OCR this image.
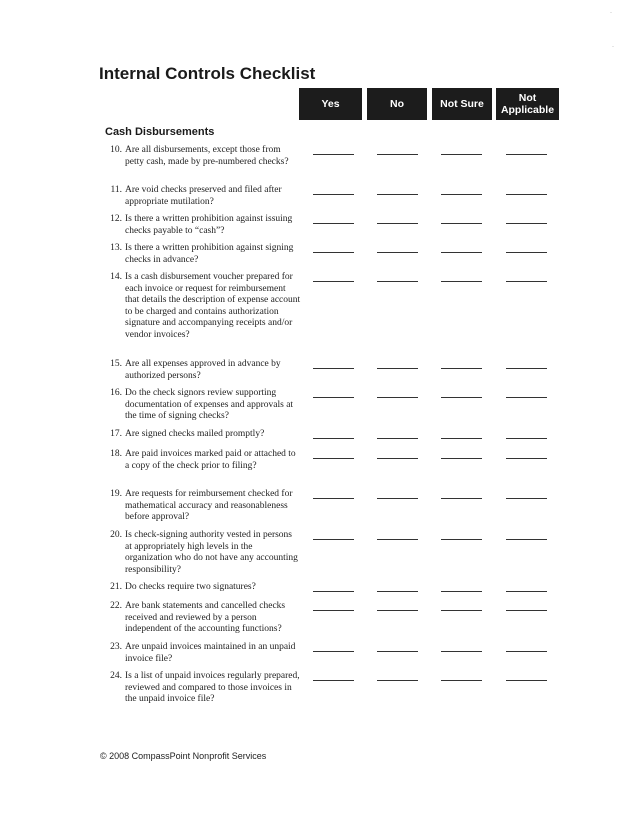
Internal Controls Checklist
Yes	No	Not Sure	Not Applicable
Cash Disbursements
10. Are all disbursements, except those from petty cash, made by pre-numbered checks?
11. Are void checks preserved and filed after appropriate mutilation?
12. Is there a written prohibition against issuing checks payable to “cash”?
13. Is there a written prohibition against signing checks in advance?
14. Is a cash disbursement voucher prepared for each invoice or request for reimbursement that details the description of expense account to be charged and contains authorization signature and accompanying receipts and/or vendor invoices?
15. Are all expenses approved in advance by authorized persons?
16. Do the check signors review supporting documentation of expenses and approvals at the time of signing checks?
17. Are signed checks mailed promptly?
18. Are paid invoices marked paid or attached to a copy of the check prior to filing?
19. Are requests for reimbursement checked for mathematical accuracy and reasonableness before approval?
20. Is check-signing authority vested in persons at appropriately high levels in the organization who do not have any accounting responsibility?
21. Do checks require two signatures?
22. Are bank statements and cancelled checks received and reviewed by a person independent of the accounting functions?
23. Are unpaid invoices maintained in an unpaid invoice file?
24. Is a list of unpaid invoices regularly prepared, reviewed and compared to those invoices in the unpaid invoice file?
© 2008 CompassPoint Nonprofit Services
·
·
